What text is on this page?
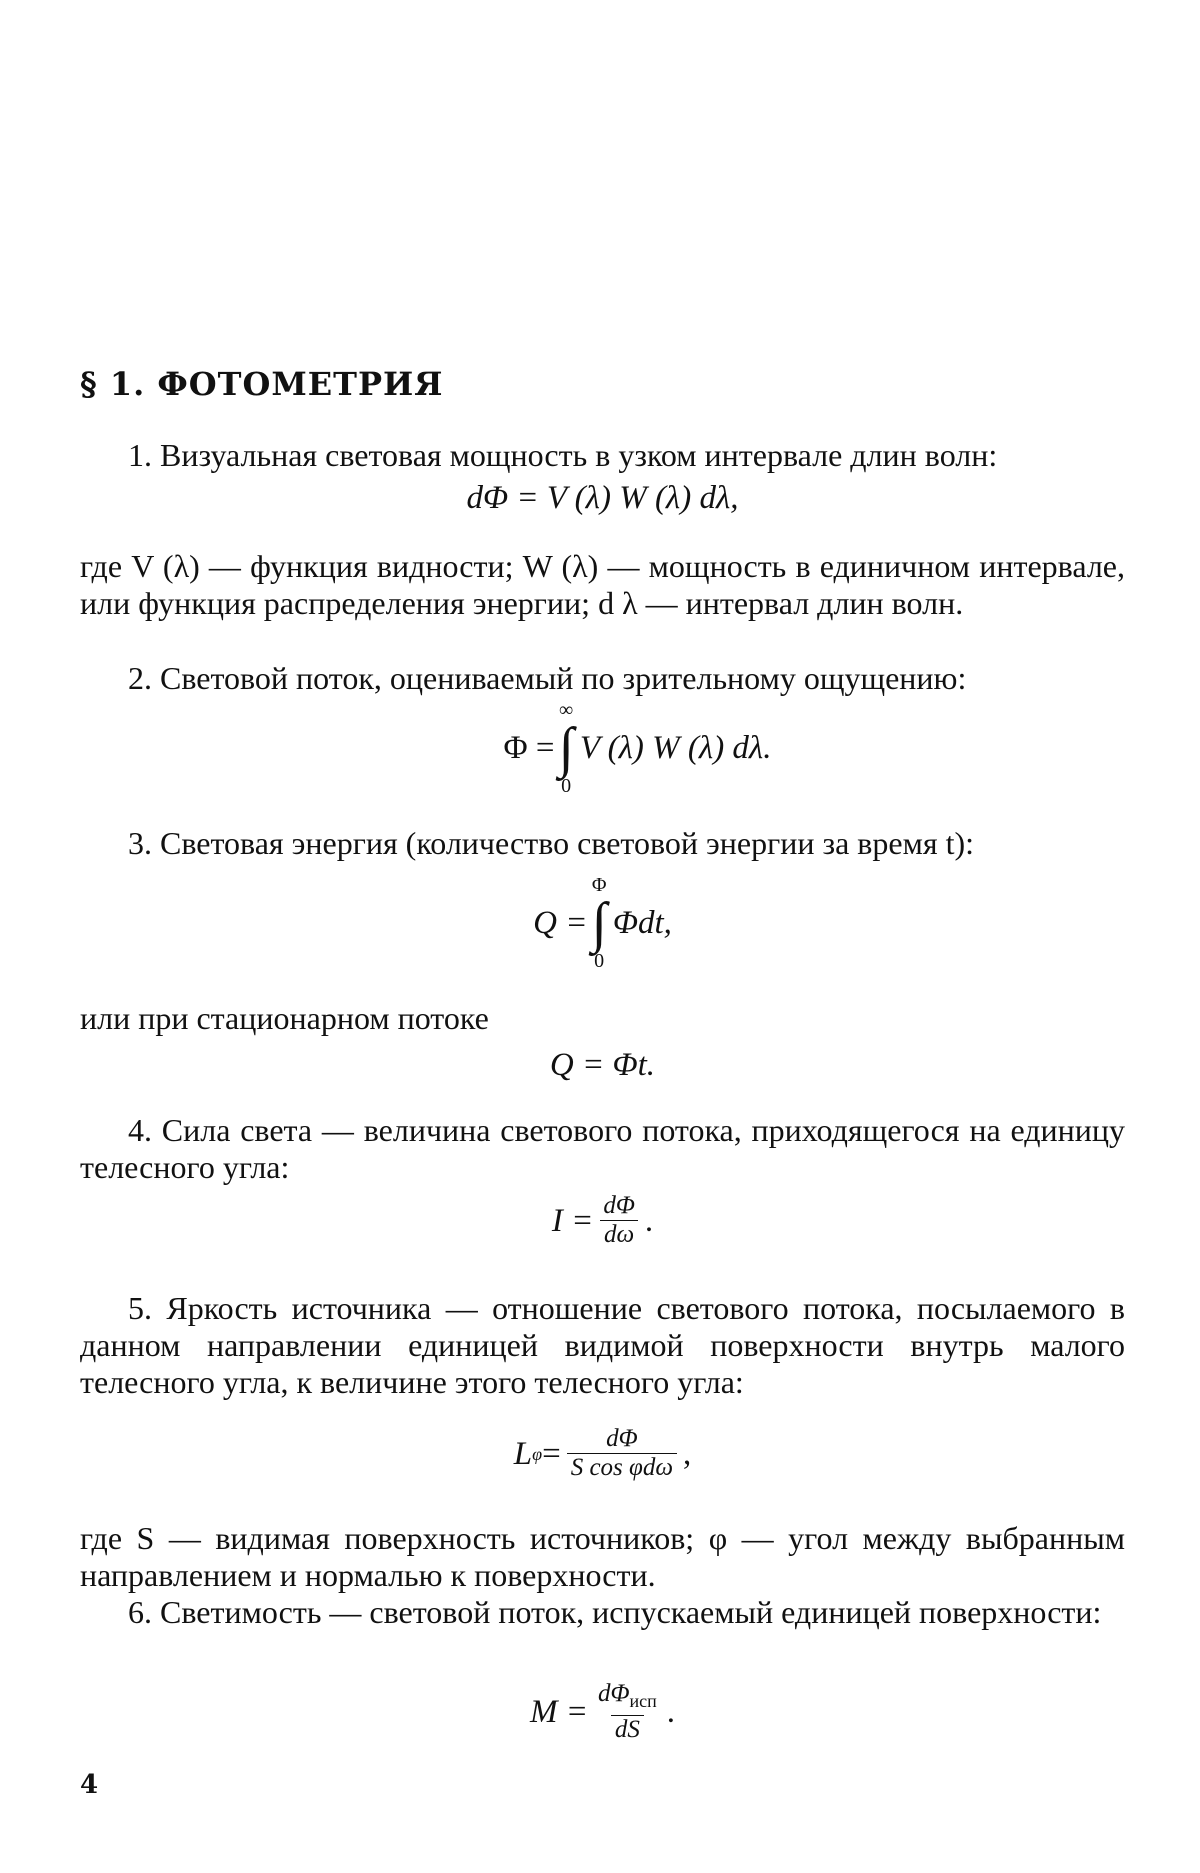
§ 1. ФОТОМЕТРИЯ
1. Визуальная световая мощность в узком интервале длин волн:
dΦ = V (λ) W (λ) dλ,
где V (λ) — функция видности; W (λ) — мощность в единичном интервале, или функция распределения энергии; d λ — интервал длин волн.
2. Световой поток, оцениваемый по зрительному ощущению:
Φ =
∞
∫
0
V (λ) W (λ) dλ.
3. Световая энергия (количество световой энергии за время t):
Q =
Φ
∫
0
Φdt,
или при стационарном потоке
Q = Φt.
4. Сила света — величина светового потока, приходящегося на единицу телесного угла:
$I = \frac{d\Phi}{d\omega}$ .
5. Яркость источника — отношение светового потока, посылаемого в данном направлении единицей видимой поверхности внутрь малого телесного угла, к величине этого телесного угла:
L $\varphi = \frac{d\Phi}{\text{S cos φdω}}$ ,
где S — видимая поверхность источников; φ — угол между выбранным направлением и нормалью к поверхности.
6. Светимость — световой поток, испускаемый единицей поверхности:
$M = \frac{d\Phi_{исп}}{dS}$ .
4
